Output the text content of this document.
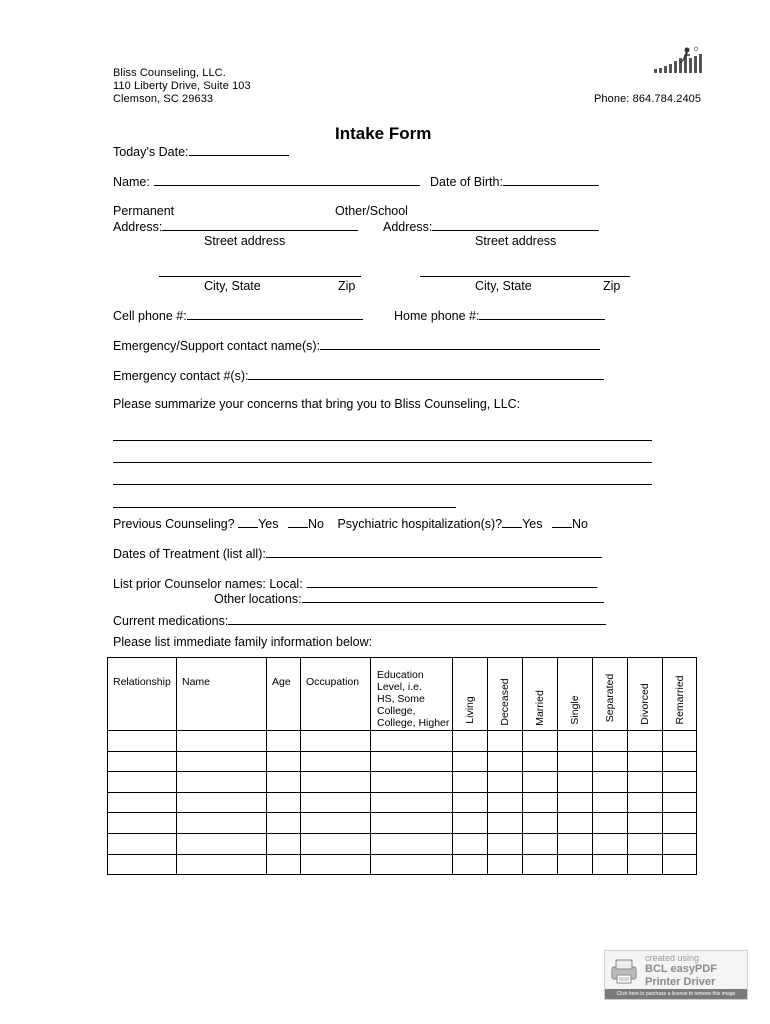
Bliss Counseling, LLC.
110 Liberty Drive, Suite 103
Clemson, SC 29633	Phone: 864.784.2405
Intake Form
Today’s Date:
Name:	Date of Birth:
Permanent
Address:
Street address
Other/School
Address:
Street address
City, State	Zip	City, State	Zip
Cell phone #:	Home phone #:
Emergency/Support contact name(s):
Emergency contact #(s):
Please summarize your concerns that bring you to Bliss Counseling, LLC:
Previous Counseling? Yes No Psychiatric hospitalization(s)? Yes No
Dates of Treatment (list all):
List prior Counselor names: Local:
Other locations:
Current medications:
Please list immediate family information below:
Relationship	Name	Age	Occupation	Education
Level, i.e.
HS, Some
College,
College, Higher	Living	Deceased	Married	Single	Separated	Divorced	Remarried

created using
BCL easyPDF
Printer Driver
Click here to purchase a license to remove this image
